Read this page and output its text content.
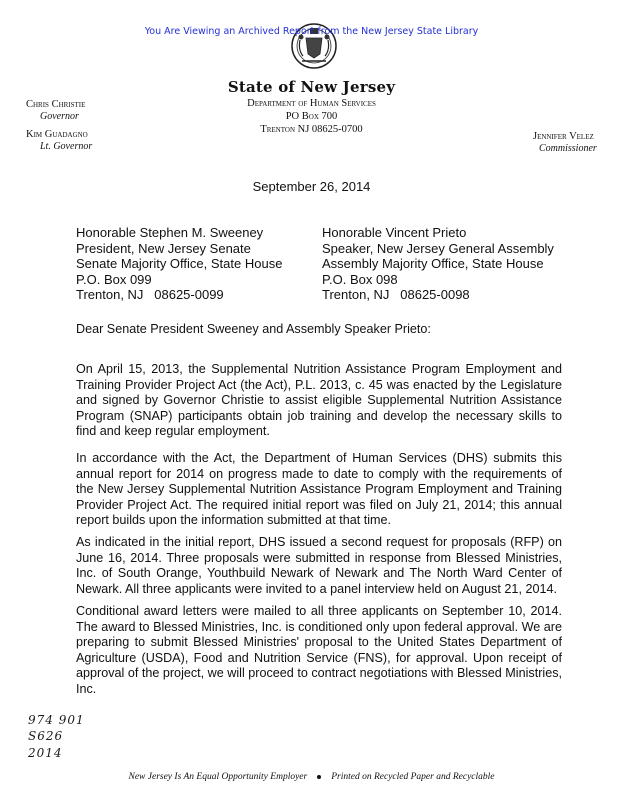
You Are Viewing an Archived Report from the New Jersey State Library
State of New Jersey
Department of Human Services
PO Box 700
Trenton NJ 08625-0700
Chris Christie
Governor
Kim Guadagno
Lt. Governor
Jennifer Velez
Commissioner
September 26, 2014
Honorable Stephen M. Sweeney
President, New Jersey Senate
Senate Majority Office, State House
P.O. Box 099
Trenton, NJ   08625-0099
Honorable Vincent Prieto
Speaker, New Jersey General Assembly
Assembly Majority Office, State House
P.O. Box 098
Trenton, NJ   08625-0098
Dear Senate President Sweeney and Assembly Speaker Prieto:
On April 15, 2013, the Supplemental Nutrition Assistance Program Employment and Training Provider Project Act (the Act), P.L. 2013, c. 45 was enacted by the Legislature and signed by Governor Christie to assist eligible Supplemental Nutrition Assistance Program (SNAP) participants obtain job training and develop the necessary skills to find and keep regular employment.
In accordance with the Act, the Department of Human Services (DHS) submits this annual report for 2014 on progress made to date to comply with the requirements of the New Jersey Supplemental Nutrition Assistance Program Employment and Training Provider Project Act. The required initial report was filed on July 21, 2014; this annual report builds upon the information submitted at that time.
As indicated in the initial report, DHS issued a second request for proposals (RFP) on June 16, 2014. Three proposals were submitted in response from Blessed Ministries, Inc. of South Orange, Youthbuild Newark of Newark and The North Ward Center of Newark. All three applicants were invited to a panel interview held on August 21, 2014.
Conditional award letters were mailed to all three applicants on September 10, 2014. The award to Blessed Ministries, Inc. is conditioned only upon federal approval. We are preparing to submit Blessed Ministries' proposal to the United States Department of Agriculture (USDA), Food and Nutrition Service (FNS), for approval. Upon receipt of approval of the project, we will proceed to contract negotiations with Blessed Ministries, Inc.
974 901
S626
2014
New Jersey Is An Equal Opportunity Employer	Printed on Recycled Paper and Recyclable
